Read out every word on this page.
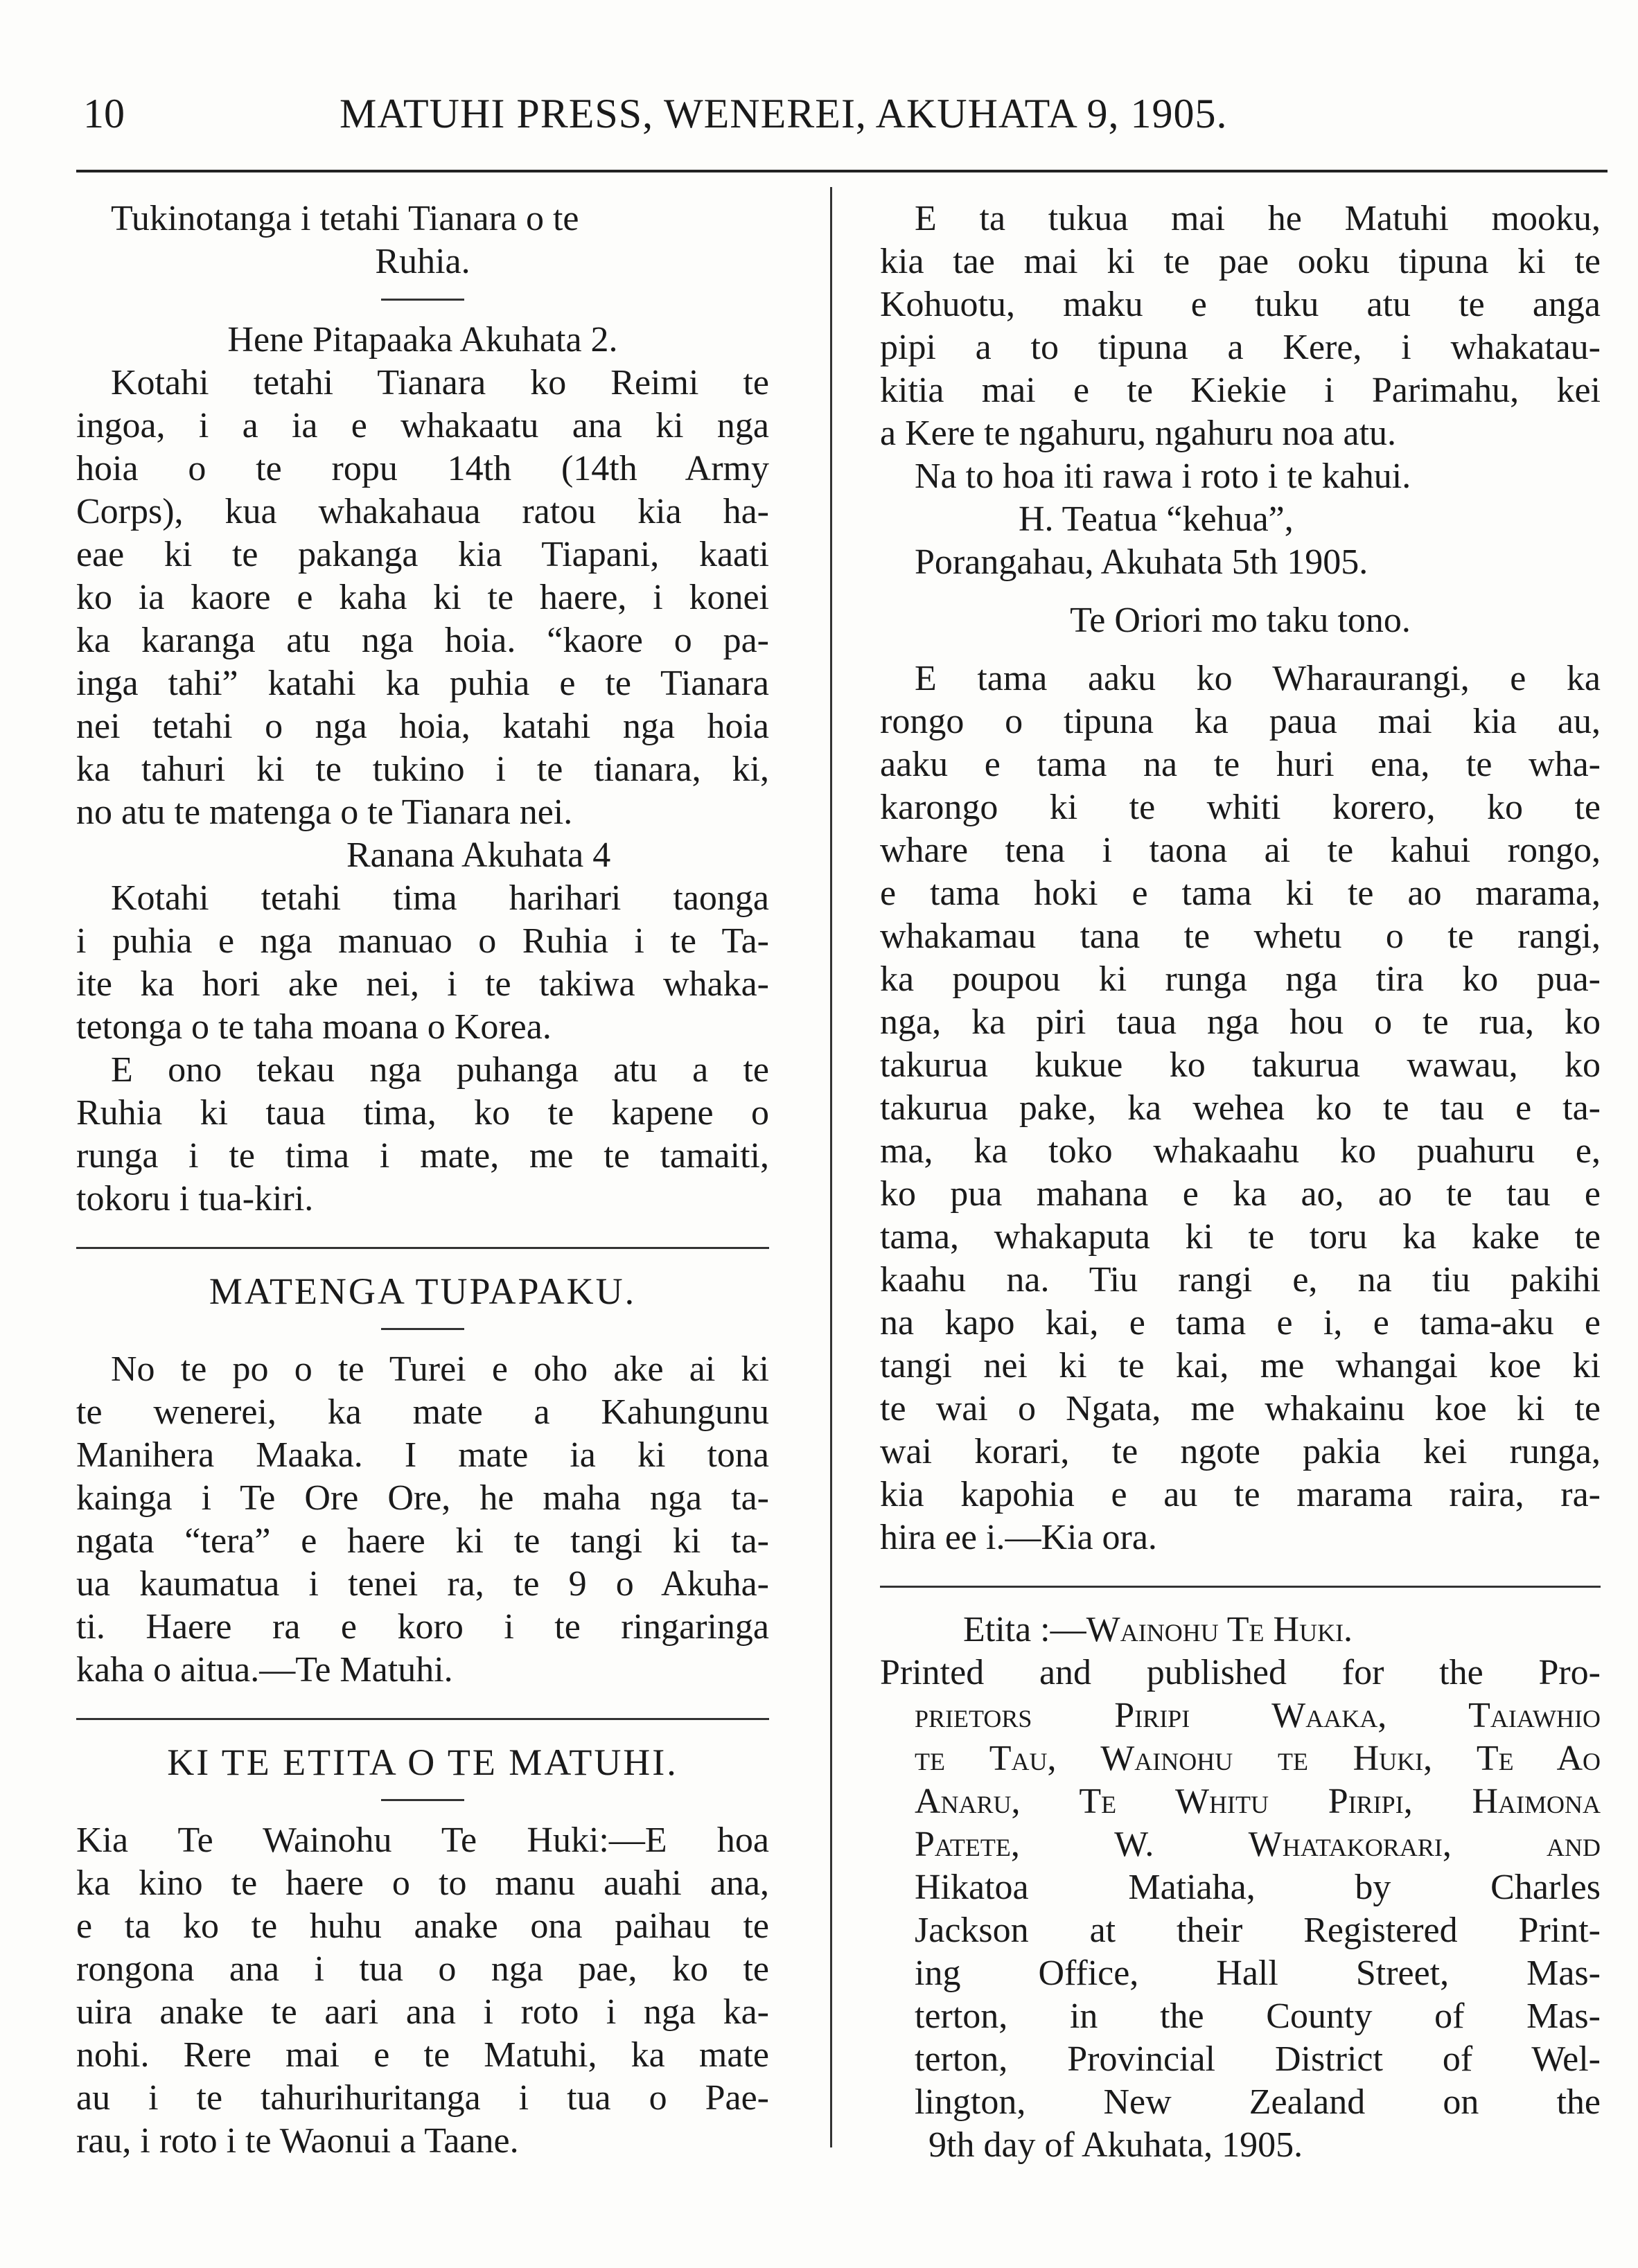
10	MATUHI PRESS, WENEREI, AKUHATA 9, 1905.
Tukinotanga i tetahi Tianara o te
Ruhia.
Hene Pitapaaka Akuhata 2.
Kotahi tetahi Tianara ko Reimi te
ingoa, i a ia e whakaatu ana ki nga
hoia o te ropu 14th (14th Army
Corps), kua whakahaua ratou kia ha-
eae ki te pakanga kia Tiapani, kaati
ko ia kaore e kaha ki te haere, i konei
ka karanga atu nga hoia. “kaore o pa-
inga tahi” katahi ka puhia e te Tianara
nei tetahi o nga hoia, katahi nga hoia
ka tahuri ki te tukino i te tianara, ki,
no atu te matenga o te Tianara nei.
Ranana Akuhata 4
Kotahi tetahi tima harihari taonga
i puhia e nga manuao o Ruhia i te Ta-
ite ka hori ake nei, i te takiwa whaka-
tetonga o te taha moana o Korea.
E ono tekau nga puhanga atu a te
Ruhia ki taua tima, ko te kapene o
runga i te tima i mate, me te tamaiti,
tokoru i tua-kiri.
MATENGA TUPAPAKU.
No te po o te Turei e oho ake ai ki
te wenerei, ka mate a Kahungunu
Manihera Maaka. I mate ia ki tona
kainga i Te Ore Ore, he maha nga ta-
ngata “tera” e haere ki te tangi ki ta-
ua kaumatua i tenei ra, te 9 o Akuha-
ti. Haere ra e koro i te ringaringa
kaha o aitua.—Te Matuhi.
KI TE ETITA O TE MATUHI.
Kia Te Wainohu Te Huki:—E hoa
ka kino te haere o to manu auahi ana,
e ta ko te huhu anake ona paihau te
rongona ana i tua o nga pae, ko te
uira anake te aari ana i roto i nga ka-
nohi. Rere mai e te Matuhi, ka mate
au i te tahurihuritanga i tua o Pae-
rau, i roto i te Waonui a Taane.
E ta tukua mai he Matuhi mooku,
kia tae mai ki te pae ooku tipuna ki te
Kohuotu, maku e tuku atu te anga
pipi a to tipuna a Kere, i whakatau-
kitia mai e te Kiekie i Parimahu, kei
a Kere te ngahuru, ngahuru noa atu.
Na to hoa iti rawa i roto i te kahui.
H. Teatua “kehua”,
Porangahau, Akuhata 5th 1905.
Te Oriori mo taku tono.
E tama aaku ko Wharaurangi, e ka
rongo o tipuna ka paua mai kia au,
aaku e tama na te huri ena, te wha-
karongo ki te whiti korero, ko te
whare tena i taona ai te kahui rongo,
e tama hoki e tama ki te ao marama,
whakamau tana te whetu o te rangi,
ka poupou ki runga nga tira ko pua-
nga, ka piri taua nga hou o te rua, ko
takurua kukue ko takurua wawau, ko
takurua pake, ka wehea ko te tau e ta-
ma, ka toko whakaahu ko puahuru e,
ko pua mahana e ka ao, ao te tau e
tama, whakaputa ki te toru ka kake te
kaahu na. Tiu rangi e, na tiu pakihi
na kapo kai, e tama e i, e tama-aku e
tangi nei ki te kai, me whangai koe ki
te wai o Ngata, me whakainu koe ki te
wai korari, te ngote pakia kei runga,
kia kapohia e au te marama raira, ra-
hira ee i.—Kia ora.
Etita :—Wainohu Te Huki.
Printed and published for the Pro-
prietors Piripi Waaka, Taiawhio
te Tau, Wainohu te Huki, Te Ao
Anaru, Te Whitu Piripi, Haimona
Patete, W. Whatakorari, and
Hikatoa Matiaha, by Charles
Jackson at their Registered Print-
ing Office, Hall Street, Mas-
terton, in the County of Mas-
terton, Provincial District of Wel-
lington, New Zealand on the
9th day of Akuhata, 1905.
